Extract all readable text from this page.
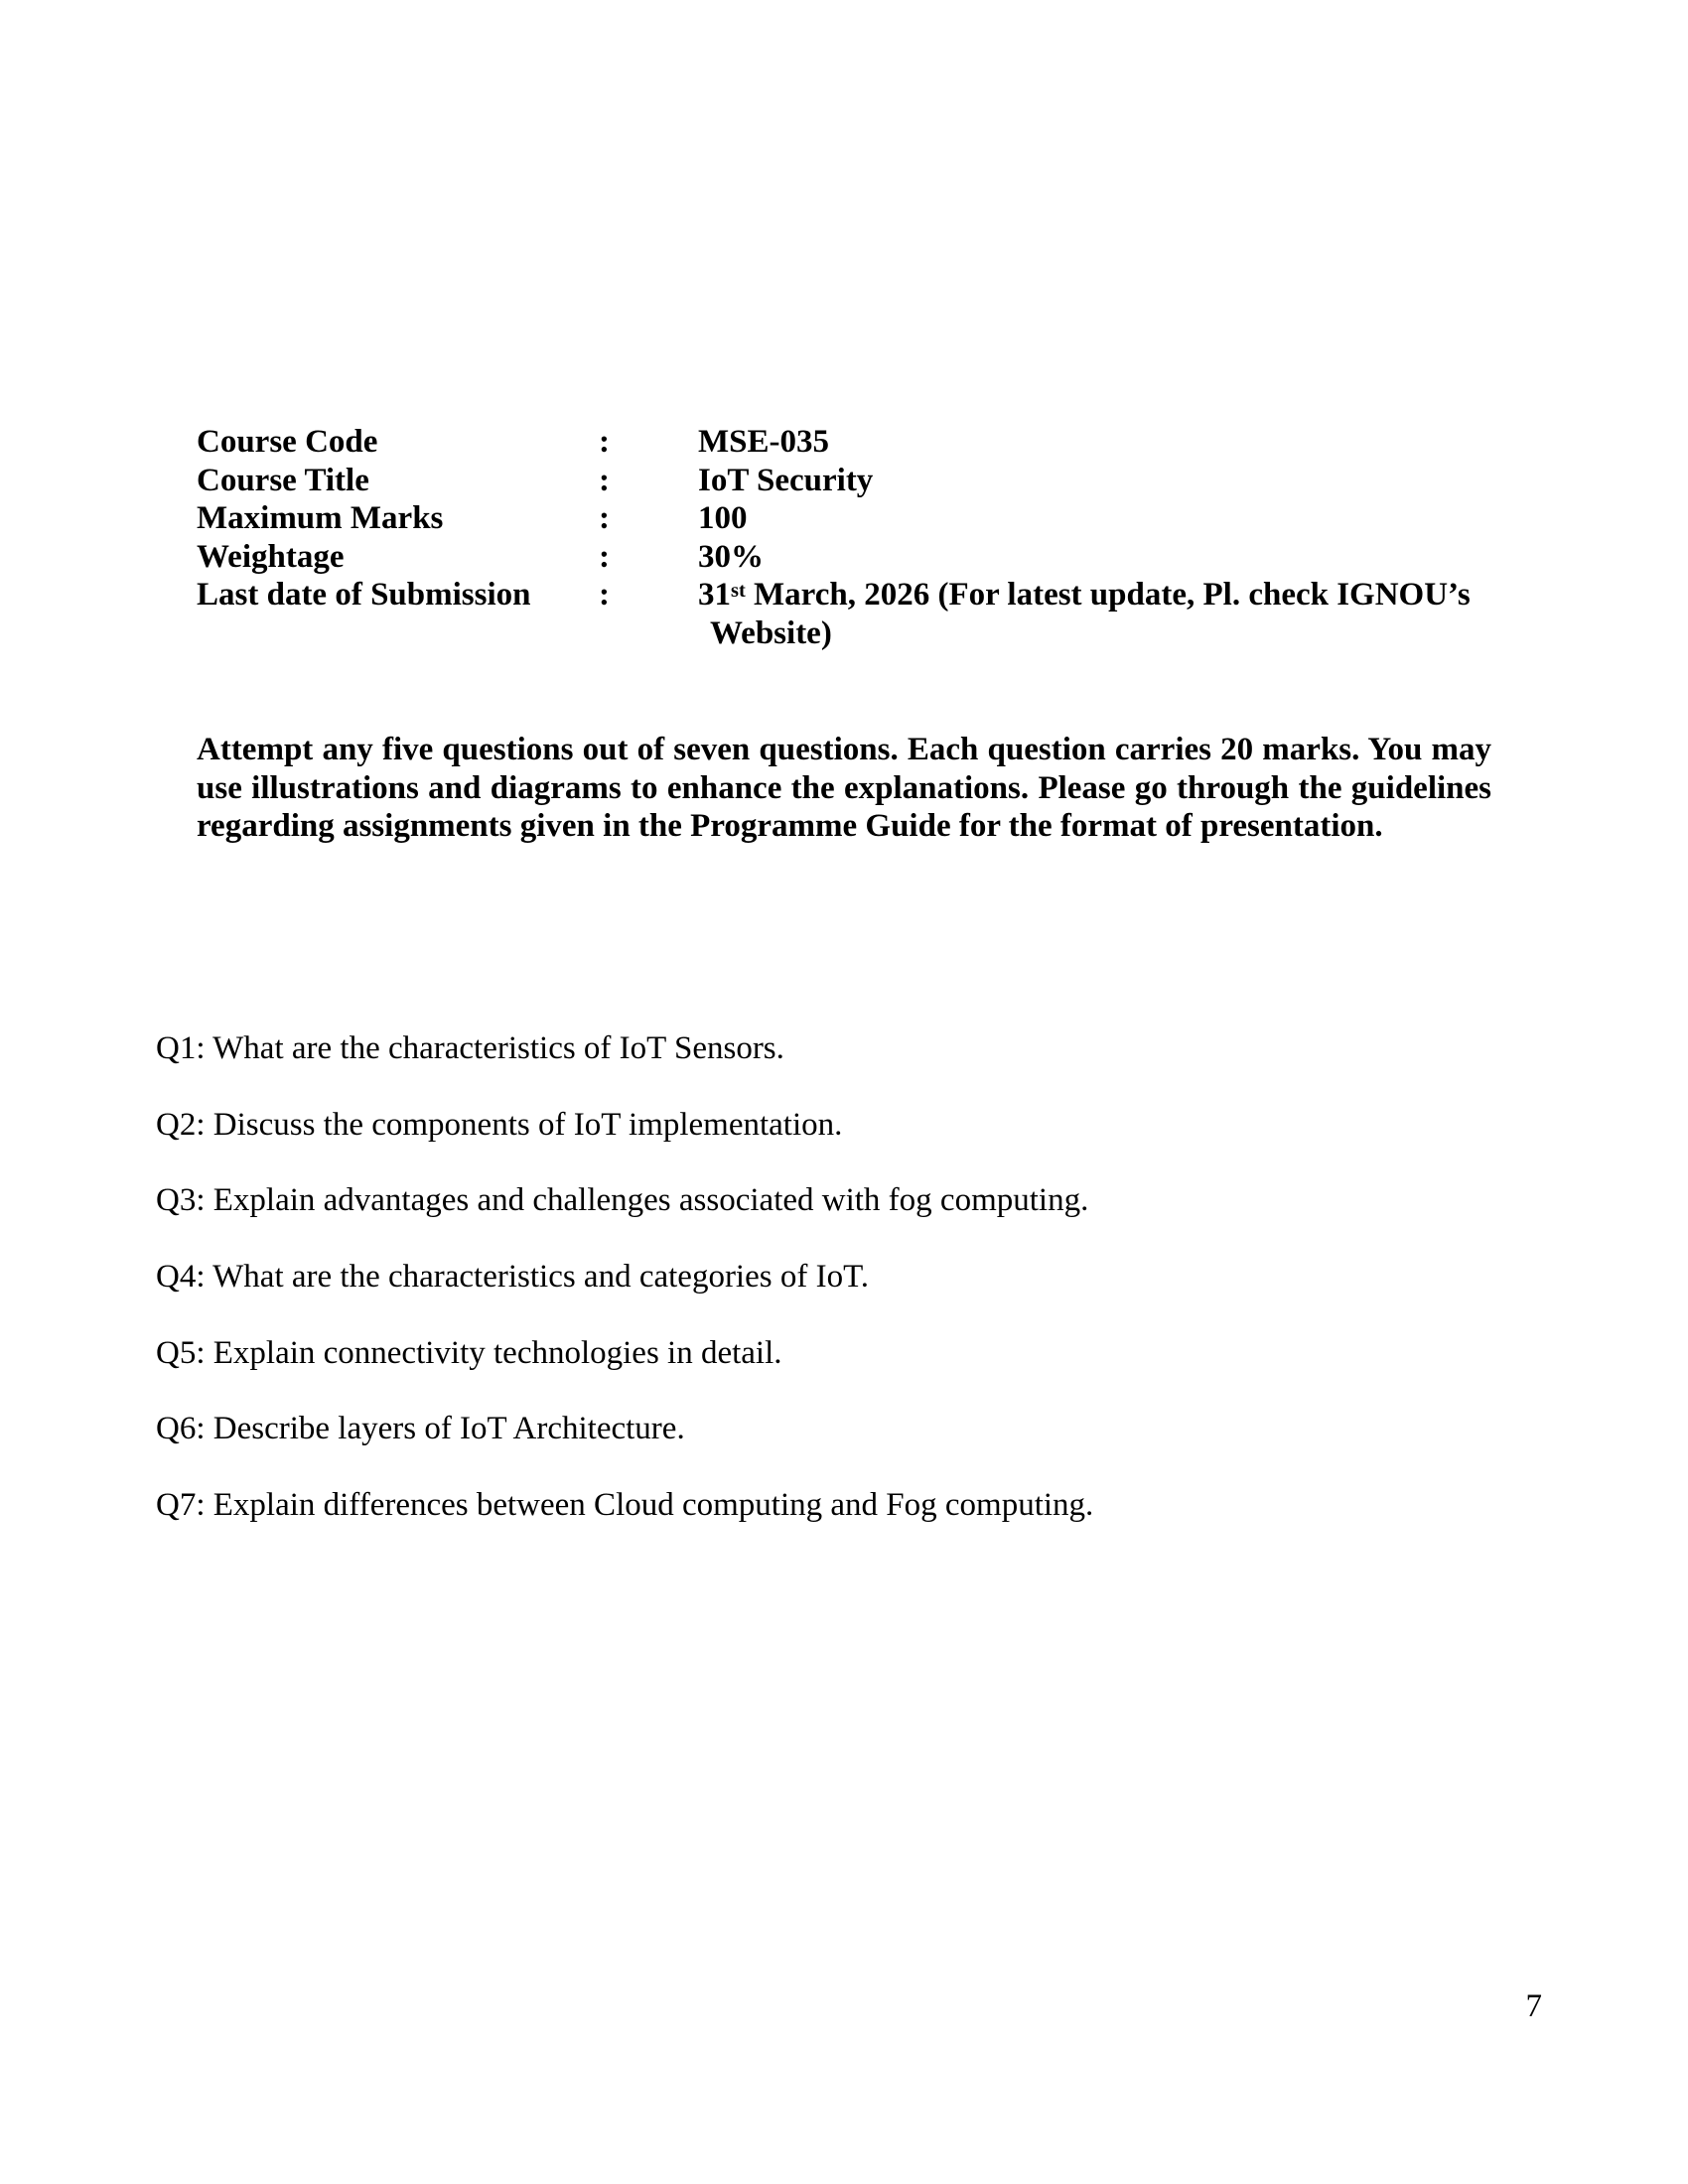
Course Code	:	MSE-035
Course Title	:	IoT Security
Maximum Marks	:	100
Weightage	:	30%
Last date of Submission	:	31st March, 2026 (For latest update, Pl. check IGNOU’s
Website)

Attempt any five questions out of seven questions. Each question carries 20 marks. You may use illustrations and diagrams to enhance the explanations. Please go through the guidelines regarding assignments given in the Programme Guide for the format of presentation.

Q1: What are the characteristics of IoT Sensors.
Q2: Discuss the components of IoT implementation.
Q3: Explain advantages and challenges associated with fog computing.
Q4: What are the characteristics and categories of IoT.
Q5: Explain connectivity technologies in detail.
Q6: Describe layers of IoT Architecture.
Q7: Explain differences between Cloud computing and Fog computing.
7
